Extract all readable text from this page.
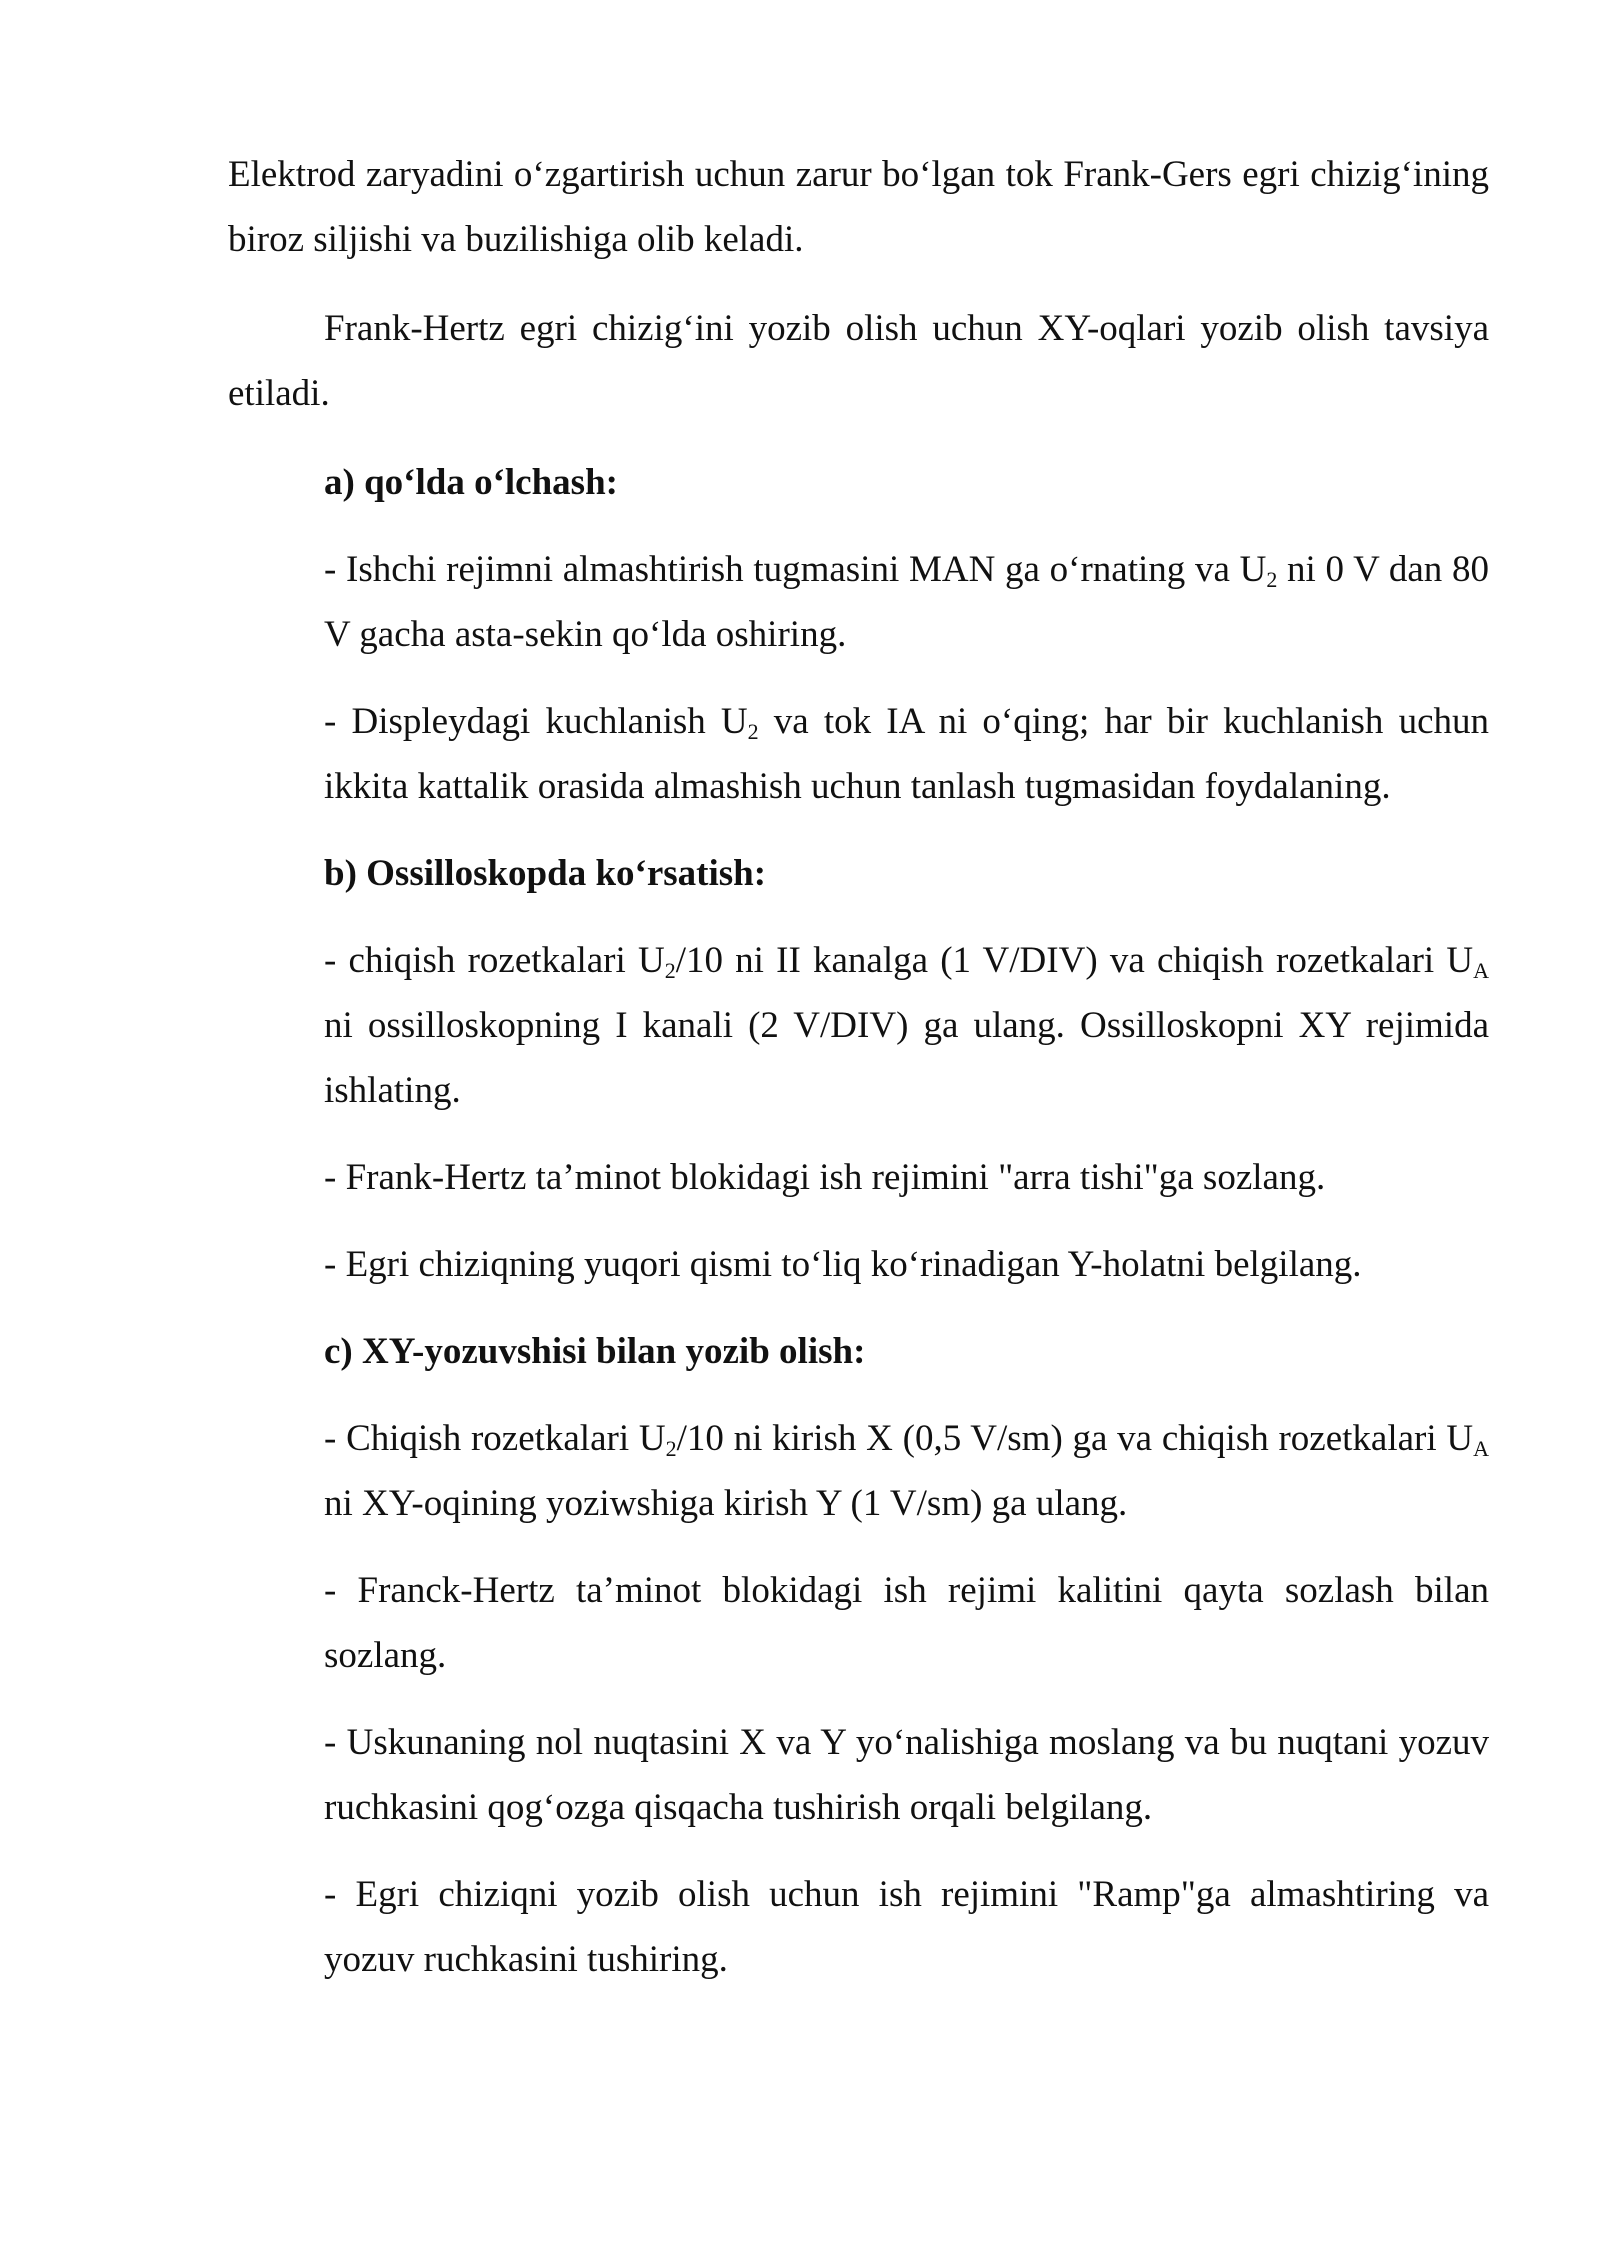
Elektrod zaryadini o‘zgartirish uchun zarur bo‘lgan tok Frank-Gers egri chizig‘ining biroz siljishi va buzilishiga olib keladi.

Frank-Hertz egri chizig‘ini yozib olish uchun XY-oqlari yozib olish tavsiya etiladi.

a) qo‘lda o‘lchash:

- Ishchi rejimni almashtirish tugmasini MAN ga o‘rnating va $U_2$ ni 0 V dan 80 V gacha asta-sekin qo‘lda oshiring.

- Displeydagi kuchlanish $U_2$ va tok IA ni o‘qing; har bir kuchlanish uchun ikkita kattalik orasida almashish uchun tanlash tugmasidan foydalaning.

b) Ossilloskopda ko‘rsatish:

- chiqish rozetkalari $U_2/10$ ni II kanalga (1 V/DIV) va chiqish rozetkalari $U_A$ ni ossilloskopning I kanali (2 V/DIV) ga ulang. Ossilloskopni XY rejimida ishlating.

- Frank-Hertz ta’minot blokidagi ish rejimini "arra tishi"ga sozlang.

- Egri chiziqning yuqori qismi to‘liq ko‘rinadigan Y-holatni belgilang.

c) XY-yozuvshisi bilan yozib olish:

- Chiqish rozetkalari $U_2/10$ ni kirish X (0,5 V/sm) ga va chiqish rozetkalari $U_A$ ni XY-oqining yoziwshiga kirish Y (1 V/sm) ga ulang.

- Franck-Hertz ta’minot blokidagi ish rejimi kalitini qayta sozlash bilan sozlang.

- Uskunaning nol nuqtasini X va Y yo‘nalishiga moslang va bu nuqtani yozuv ruchkasini qog‘ozga qisqacha tushirish orqali belgilang.

- Egri chiziqni yozib olish uchun ish rejimini "Ramp"ga almashtiring va yozuv ruchkasini tushiring.
